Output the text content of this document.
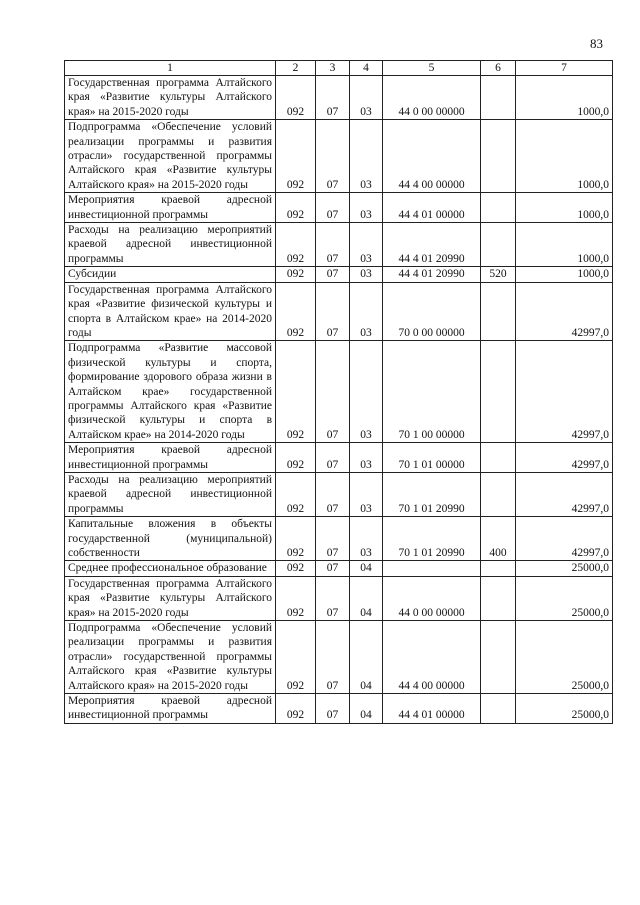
83
1	2	3	4	5	6	7
Государственная программа Алтайского края «Развитие культуры Алтайского края» на 2015-2020 годы	092	07	03	44 0 00 00000		1000,0
Подпрограмма «Обеспечение условий реализации программы и развития отрасли» государственной программы Алтайского края «Развитие культуры Алтайского края» на 2015-2020 годы	092	07	03	44 4 00 00000		1000,0
Мероприятия краевой адресной инвестиционной программы	092	07	03	44 4 01 00000		1000,0
Расходы на реализацию мероприятий краевой адресной инвестиционной программы	092	07	03	44 4 01 20990		1000,0
Субсидии	092	07	03	44 4 01 20990	520	1000,0
Государственная программа Алтайского края «Развитие физической культуры и спорта в Алтайском крае» на 2014-2020 годы	092	07	03	70 0 00 00000		42997,0
Подпрограмма «Развитие массовой физической культуры и спорта, формирование здорового образа жизни в Алтайском крае» государственной программы Алтайского края «Развитие физической культуры и спорта в Алтайском крае» на 2014-2020 годы	092	07	03	70 1 00 00000		42997,0
Мероприятия краевой адресной инвестиционной программы	092	07	03	70 1 01 00000		42997,0
Расходы на реализацию мероприятий краевой адресной инвестиционной программы	092	07	03	70 1 01 20990		42997,0
Капитальные вложения в объекты государственной (муниципальной) собственности	092	07	03	70 1 01 20990	400	42997,0
Среднее профессиональное образование	092	07	04			25000,0
Государственная программа Алтайского края «Развитие культуры Алтайского края» на 2015-2020 годы	092	07	04	44 0 00 00000		25000,0
Подпрограмма «Обеспечение условий реализации программы и развития отрасли» государственной программы Алтайского края «Развитие культуры Алтайского края» на 2015-2020 годы	092	07	04	44 4 00 00000		25000,0
Мероприятия краевой адресной инвестиционной программы	092	07	04	44 4 01 00000		25000,0
